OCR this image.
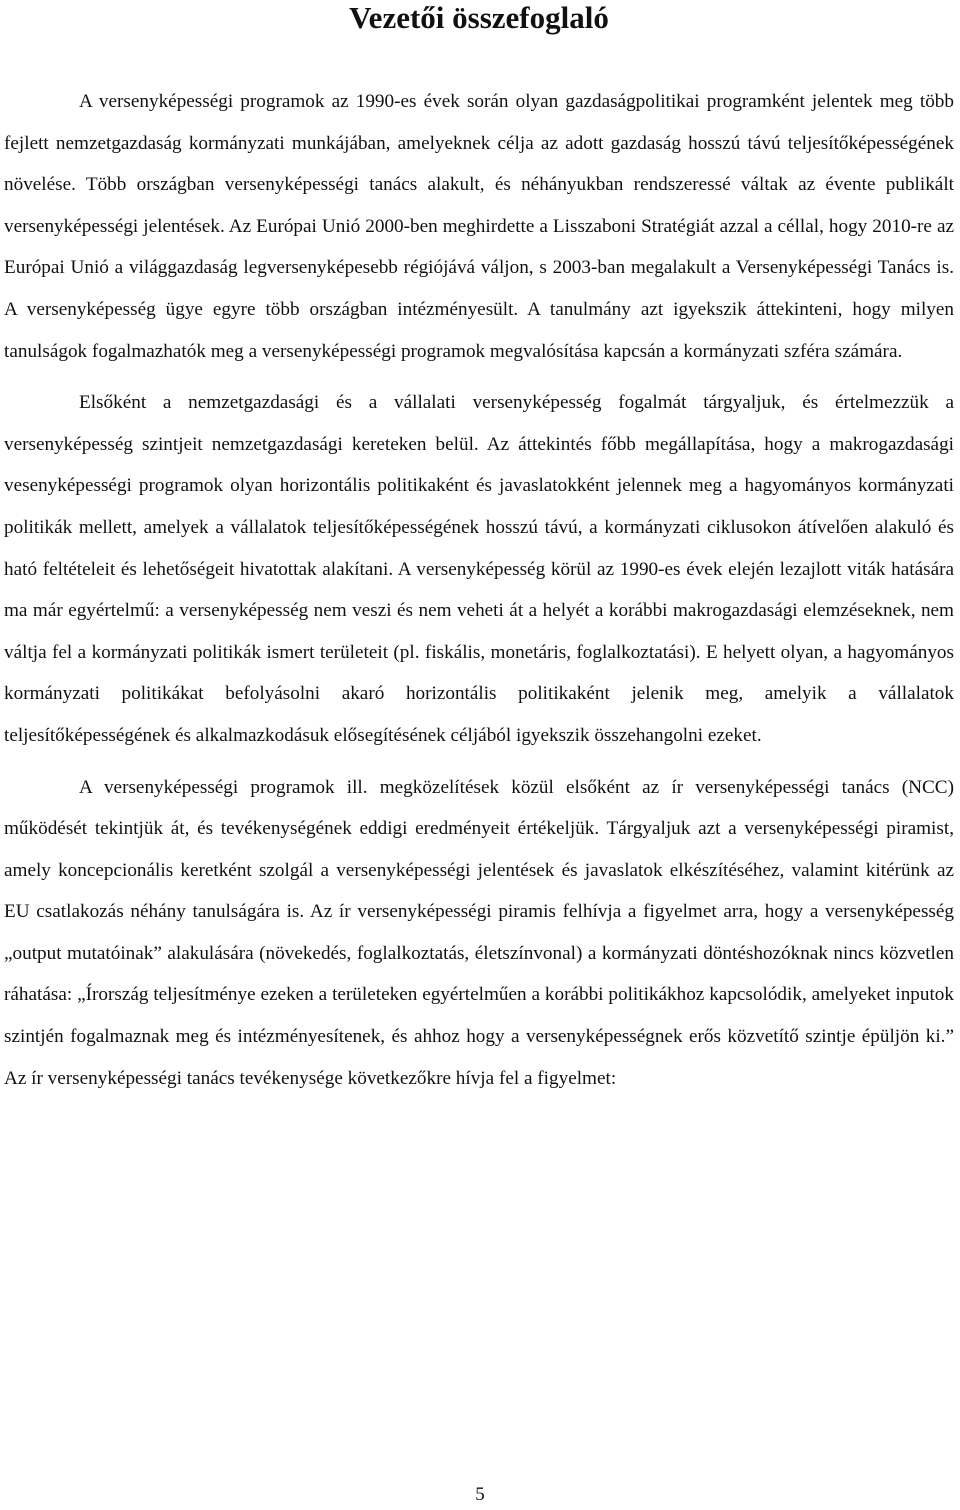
Vezetői összefoglaló

A versenyképességi programok az 1990-es évek során olyan gazdaságpolitikai programként jelentek meg több fejlett nemzetgazdaság kormányzati munkájában, amelyeknek célja az adott gazdaság hosszú távú teljesítőképességének növelése. Több országban versenyképességi tanács alakult, és néhányukban rendszeressé váltak az évente publikált versenyképességi jelentések. Az Európai Unió 2000-ben meghirdette a Lisszaboni Stratégiát azzal a céllal, hogy 2010-re az Európai Unió a világgazdaság legversenyképesebb régiójává váljon, s 2003-ban megalakult a Versenyképességi Tanács is. A versenyképesség ügye egyre több országban intézményesült. A tanulmány azt igyekszik áttekinteni, hogy milyen tanulságok fogalmazhatók meg a versenyképességi programok megvalósítása kapcsán a kormányzati szféra számára.

Elsőként a nemzetgazdasági és a vállalati versenyképesség fogalmát tárgyaljuk, és értelmezzük a versenyképesség szintjeit nemzetgazdasági kereteken belül. Az áttekintés főbb megállapítása, hogy a makrogazdasági vesenyképességi programok olyan horizontális politikaként és javaslatokként jelennek meg a hagyományos kormányzati politikák mellett, amelyek a vállalatok teljesítőképességének hosszú távú, a kormányzati ciklusokon átívelően alakuló és ható feltételeit és lehetőségeit hivatottak alakítani. A versenyképesség körül az 1990-es évek elején lezajlott viták hatására ma már egyértelmű: a versenyképesség nem veszi és nem veheti át a helyét a korábbi makrogazdasági elemzéseknek, nem váltja fel a kormányzati politikák ismert területeit (pl. fiskális, monetáris, foglalkoztatási). E helyett olyan, a hagyományos kormányzati politikákat befolyásolni akaró horizontális politikaként jelenik meg, amelyik a vállalatok teljesítőképességének és alkalmazkodásuk elősegítésének céljából igyekszik összehangolni ezeket.

A versenyképességi programok ill. megközelítések közül elsőként az ír versenyképességi tanács (NCC) működését tekintjük át, és tevékenységének eddigi eredményeit értékeljük. Tárgyaljuk azt a versenyképességi piramist, amely koncepcionális keretként szolgál a versenyképességi jelentések és javaslatok elkészítéséhez, valamint kitérünk az EU csatlakozás néhány tanulságára is. Az ír versenyképességi piramis felhívja a figyelmet arra, hogy a versenyképesség „output mutatóinak” alakulására (növekedés, foglalkoztatás, életszínvonal) a kormányzati döntéshozóknak nincs közvetlen ráhatása: „Írország teljesítménye ezeken a területeken egyértelműen a korábbi politikákhoz kapcsolódik, amelyeket inputok szintjén fogalmaznak meg és intézményesítenek, és ahhoz hogy a versenyképességnek erős közvetítő szintje épüljön ki.” Az ír versenyképességi tanács tevékenysége következőkre hívja fel a figyelmet:

5
